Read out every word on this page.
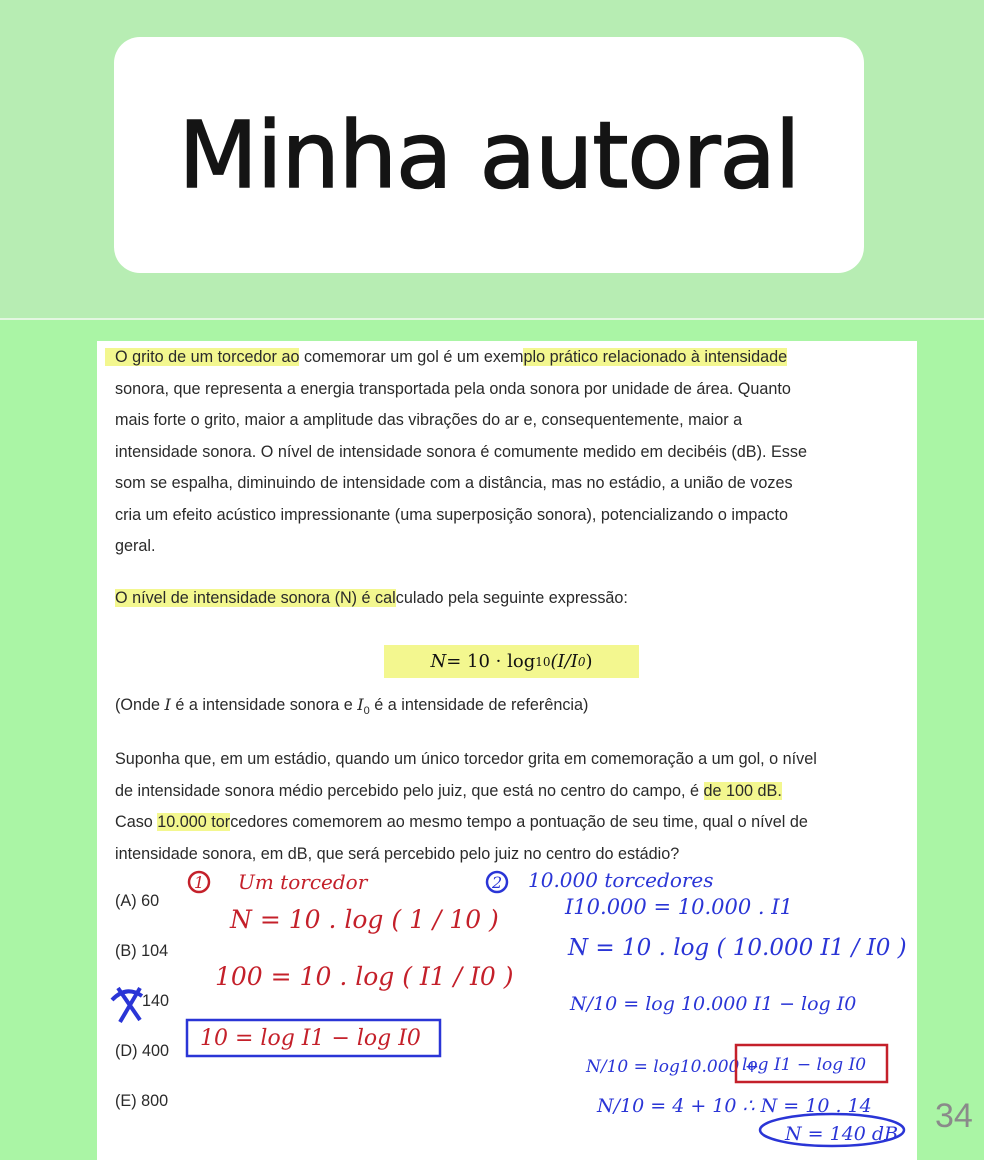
Minha autoral
O grito de um torcedor ao comemorar um gol é um exemplo prático relacionado à intensidade
sonora, que representa a energia transportada pela onda sonora por unidade de área. Quanto
mais forte o grito, maior a amplitude das vibrações do ar e, consequentemente, maior a
intensidade sonora. O nível de intensidade sonora é comumente medido em decibéis (dB). Esse
som se espalha, diminuindo de intensidade com a distância, mas no estádio, a união de vozes
cria um efeito acústico impressionante (uma superposição sonora), potencializando o impacto
geral.
O nível de intensidade sonora (N) é calculado pela seguinte expressão:
N = 10 · log 10 (I/I 0 )
(Onde I é a intensidade sonora e $I_0$ é a intensidade de referência)
Suponha que, em um estádio, quando um único torcedor grita em comemoração a um gol, o nível
de intensidade sonora médio percebido pelo juiz, que está no centro do campo, é de 100 dB.
Caso 10.000 torcedores comemorem ao mesmo tempo a pontuação de seu time, qual o nível de
intensidade sonora, em dB, que será percebido pelo juiz no centro do estádio?
(A) 60
(B) 104
140
(D) 400
(E) 800
1 Um torcedor
N = 10 . log ( 1 / 10 )
100 = 10 . log ( I1 / I0 )
10 = log I1 − log I0
2 10.000 torcedores
I10.000 = 10.000 . I1
N = 10 . log ( 10.000 I1 / I0 )
N/10 = log 10.000 I1 − log I0
N/10 = log10.000 +
log I1 − log I0
N/10 = 4 + 10 ∴ N = 10 . 14
N = 140 dB 34
